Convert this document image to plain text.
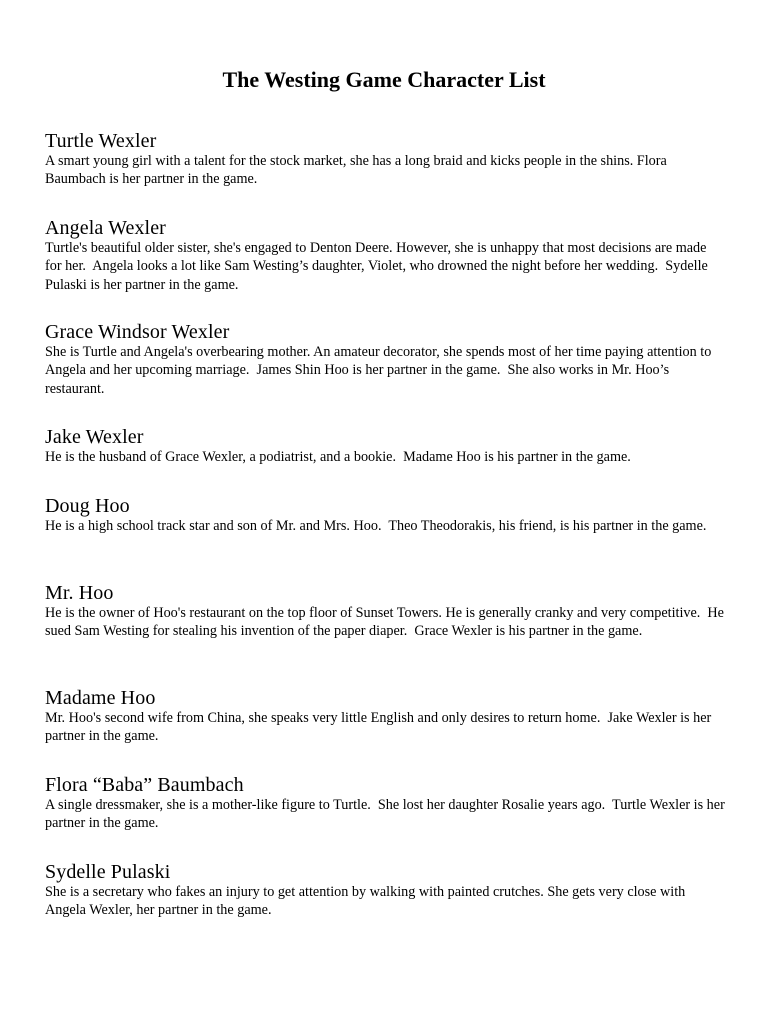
The Westing Game Character List
Turtle Wexler

A smart young girl with a talent for the stock market, she has a long braid and kicks people in the shins. Flora Baumbach is her partner in the game.

Angela Wexler

Turtle's beautiful older sister, she's engaged to Denton Deere. However, she is unhappy that most decisions are made for her.  Angela looks a lot like Sam Westing’s daughter, Violet, who drowned the night before her wedding.  Sydelle Pulaski is her partner in the game.

Grace Windsor Wexler

She is Turtle and Angela's overbearing mother. An amateur decorator, she spends most of her time paying attention to Angela and her upcoming marriage.  James Shin Hoo is her partner in the game.  She also works in Mr. Hoo’s restaurant.

Jake Wexler

He is the husband of Grace Wexler, a podiatrist, and a bookie.  Madame Hoo is his partner in the game.

Doug Hoo

He is a high school track star and son of Mr. and Mrs. Hoo.  Theo Theodorakis, his friend, is his partner in the game.

Mr. Hoo

He is the owner of Hoo's restaurant on the top floor of Sunset Towers. He is generally cranky and very competitive.  He sued Sam Westing for stealing his invention of the paper diaper.  Grace Wexler is his partner in the game.

Madame Hoo

Mr. Hoo's second wife from China, she speaks very little English and only desires to return home.  Jake Wexler is her partner in the game.

Flora “Baba” Baumbach

A single dressmaker, she is a mother-like figure to Turtle.  She lost her daughter Rosalie years ago.  Turtle Wexler is her partner in the game.

Sydelle Pulaski

She is a secretary who fakes an injury to get attention by walking with painted crutches. She gets very close with Angela Wexler, her partner in the game.
